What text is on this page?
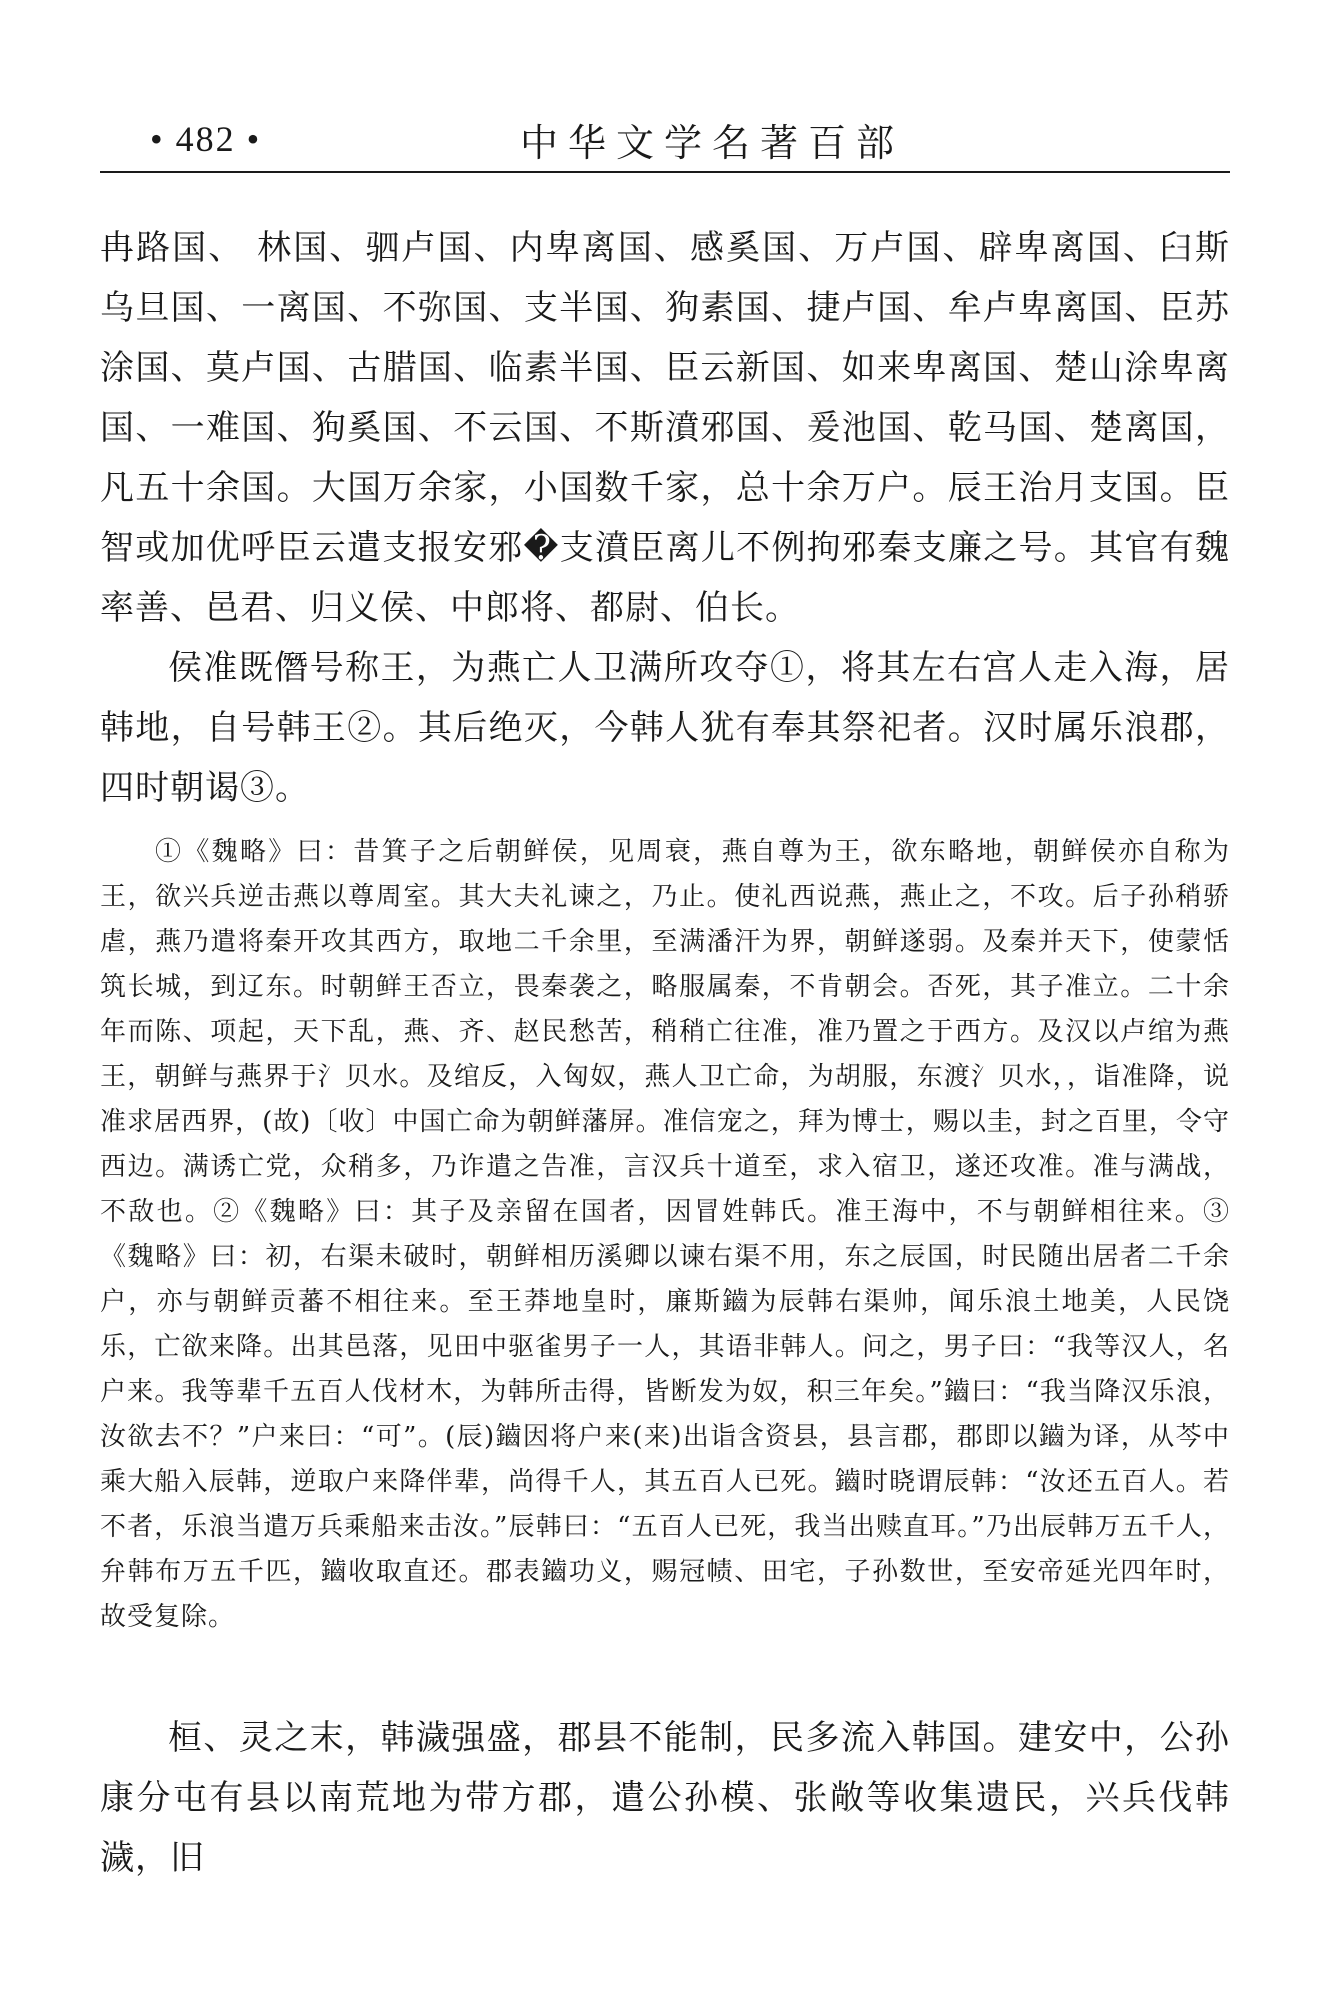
• 482 •	中华文学名著百部

冉路国、 林国、驷卢国、内卑离国、感奚国、万卢国、辟卑离国、臼斯乌旦国、一离国、不弥国、支半国、狗素国、捷卢国、牟卢卑离国、臣苏涂国、莫卢国、古腊国、临素半国、臣云新国、如来卑离国、楚山涂卑离国、一难国、狗奚国、不云国、不斯濆邪国、爰池国、乾马国、楚离国，凡五十余国。大国万余家，小国数千家，总十余万户。辰王治月支国。臣智或加优呼臣云遣支报安邪�支濆臣离儿不例拘邪秦支廉之号。其官有魏率善、邑君、归义侯、中郎将、都尉、伯长。

侯准既僭号称王，为燕亡人卫满所攻夺①，将其左右宫人走入海，居韩地，自号韩王②。其后绝灭，今韩人犹有奉其祭祀者。汉时属乐浪郡，四时朝谒③。

①《魏略》曰：昔箕子之后朝鲜侯，见周衰，燕自尊为王，欲东略地，朝鲜侯亦自称为王，欲兴兵逆击燕以尊周室。其大夫礼谏之，乃止。使礼西说燕，燕止之，不攻。后子孙稍骄虐，燕乃遣将秦开攻其西方，取地二千余里，至满潘汗为界，朝鲜遂弱。及秦并天下，使蒙恬筑长城，到辽东。时朝鲜王否立，畏秦袭之，略服属秦，不肯朝会。否死，其子准立。二十余年而陈、项起，天下乱，燕、齐、赵民愁苦，稍稍亡往准，准乃置之于西方。及汉以卢绾为燕王，朝鲜与燕界于氵贝水。及绾反，入匈奴，燕人卫亡命，为胡服，东渡氵贝水，，诣准降，说准求居西界，(故)〔收〕中国亡命为朝鲜藩屏。准信宠之，拜为博士，赐以圭，封之百里，令守西边。满诱亡党，众稍多，乃诈遣之告准，言汉兵十道至，求入宿卫，遂还攻准。准与满战，不敌也。②《魏略》曰：其子及亲留在国者，因冒姓韩氏。准王海中，不与朝鲜相往来。③《魏略》曰：初，右渠未破时，朝鲜相历溪卿以谏右渠不用，东之辰国，时民随出居者二千余户，亦与朝鲜贡蕃不相往来。至王莽地皇时，廉斯鑡为辰韩右渠帅，闻乐浪土地美，人民饶乐，亡欲来降。出其邑落，见田中驱雀男子一人，其语非韩人。问之，男子曰：“我等汉人，名户来。我等辈千五百人伐材木，为韩所击得，皆断发为奴，积三年矣。”鑡曰：“我当降汉乐浪，汝欲去不？”户来曰：“可”。(辰)鑡因将户来(来)出诣含资县，县言郡，郡即以鑡为译，从芩中乘大船入辰韩，逆取户来降伴辈，尚得千人，其五百人已死。鑡时晓谓辰韩：“汝还五百人。若不者，乐浪当遣万兵乘船来击汝。”辰韩曰：“五百人已死，我当出赎直耳。”乃出辰韩万五千人，弁韩布万五千匹，鑡收取直还。郡表鑡功义，赐冠帻、田宅，子孙数世，至安帝延光四年时，故受复除。

桓、灵之末，韩濊强盛，郡县不能制，民多流入韩国。建安中，公孙康分屯有县以南荒地为带方郡，遣公孙模、张敞等收集遗民，兴兵伐韩濊，旧
